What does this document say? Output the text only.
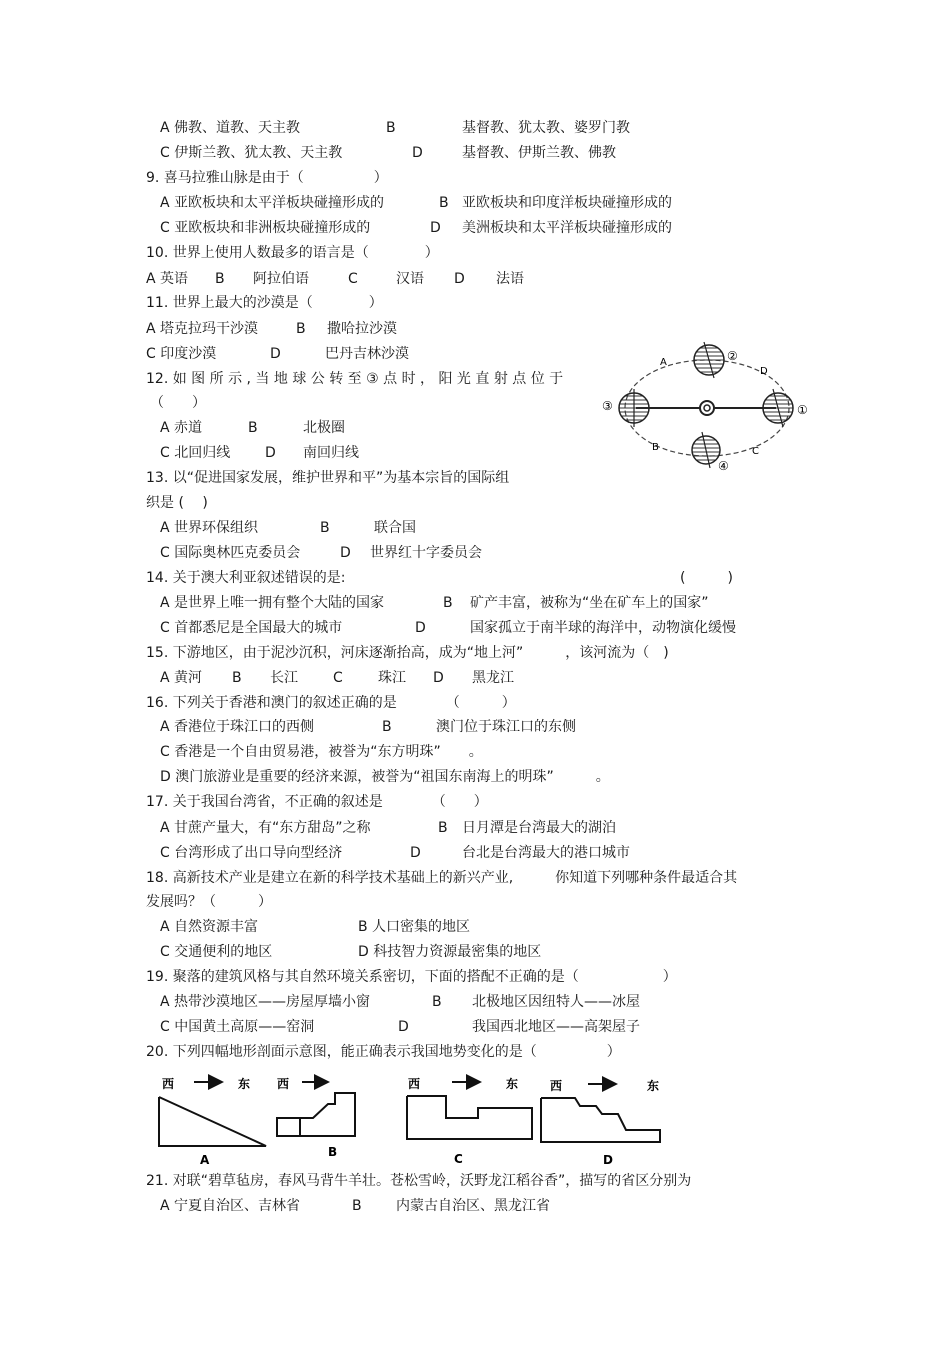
A 佛教、道教、天主教	B	基督教、犹太教、婆罗门教
C 伊斯兰教、犹太教、天主教	D	基督教、伊斯兰教、佛教
9. 喜马拉雅山脉是由于（　　　　　）
A 亚欧板块和太平洋板块碰撞形成的	B 亚欧板块和印度洋板块碰撞形成的
C 亚欧板块和非洲板块碰撞形成的	D 美洲板块和太平洋板块碰撞形成的
10. 世界上使用人数最多的语言是（　　　　）
A 英语 B 阿拉伯语	C	汉语 D 法语
11. 世界上最大的沙漠是（　　　　）
A 塔克拉玛干沙漠	B 撒哈拉沙漠
C 印度沙漠	D	巴丹吉林沙漠
12. 如 图 所 示 , 当 地 球 公 转 至 ③ 点 时 ， 阳 光 直 射 点 位 于
（　　）
A 赤道	B	北极圈
C 北回归线 D 南回归线
13. 以“促进国家发展，维护世界和平”为基本宗旨的国际组
织是 (　 )
A 世界环保组织	B	联合国
C 国际奥林匹克委员会	D 世界红十字委员会
14. 关于澳大利亚叙述错误的是:	(　　　)
A 是世界上唯一拥有整个大陆的国家	B 矿产丰富，被称为“坐在矿车上的国家”
C 首都悉尼是全国最大的城市	D	国家孤立于南半球的海洋中，动物演化缓慢
15. 下游地区，由于泥沙沉积，河床逐渐抬高，成为“地上河”　　　，该河流为（　)
A 黄河 B 长江	C	珠江 D 黑龙江
16. 下列关于香港和澳门的叙述正确的是　　　　（　　　）
A 香港位于珠江口的西侧	B	澳门位于珠江口的东侧
C 香港是一个自由贸易港，被誉为“东方明珠”　　。
D 澳门旅游业是重要的经济来源，被誉为“祖国东南海上的明珠”　　　。
17. 关于我国台湾省，不正确的叙述是　　　　（　　）
A 甘蔗产量大，有“东方甜岛”之称	B 日月潭是台湾最大的湖泊
C 台湾形成了出口导向型经济	D	台北是台湾最大的港口城市
18. 高新技术产业是建立在新的科学技术基础上的新兴产业,　　　你知道下列哪种条件最适合其
发展吗？（　　　）
A 自然资源丰富	B 人口密集的地区
C 交通便利的地区	D 科技智力资源最密集的地区
19. 聚落的建筑风格与其自然环境关系密切，下面的搭配不正确的是（　　　　　　）
A 热带沙漠地区——房屋厚墙小窗	B 北极地区因纽特人——冰屋
C 中国黄土高原——窑洞	D	我国西北地区——高架屋子
20. 下列四幅地形剖面示意图，能正确表示我国地势变化的是（　　　　　）
21. 对联“碧草毡房，春风马背牛羊壮。苍松雪岭，沃野龙江稻谷香”，描写的省区分别为
A 宁夏自治区、吉林省	B 内蒙古自治区、黑龙江省
A
B	C
D
①
②
③
④
西	东
A
西
B
西	东
C
西	东
D
